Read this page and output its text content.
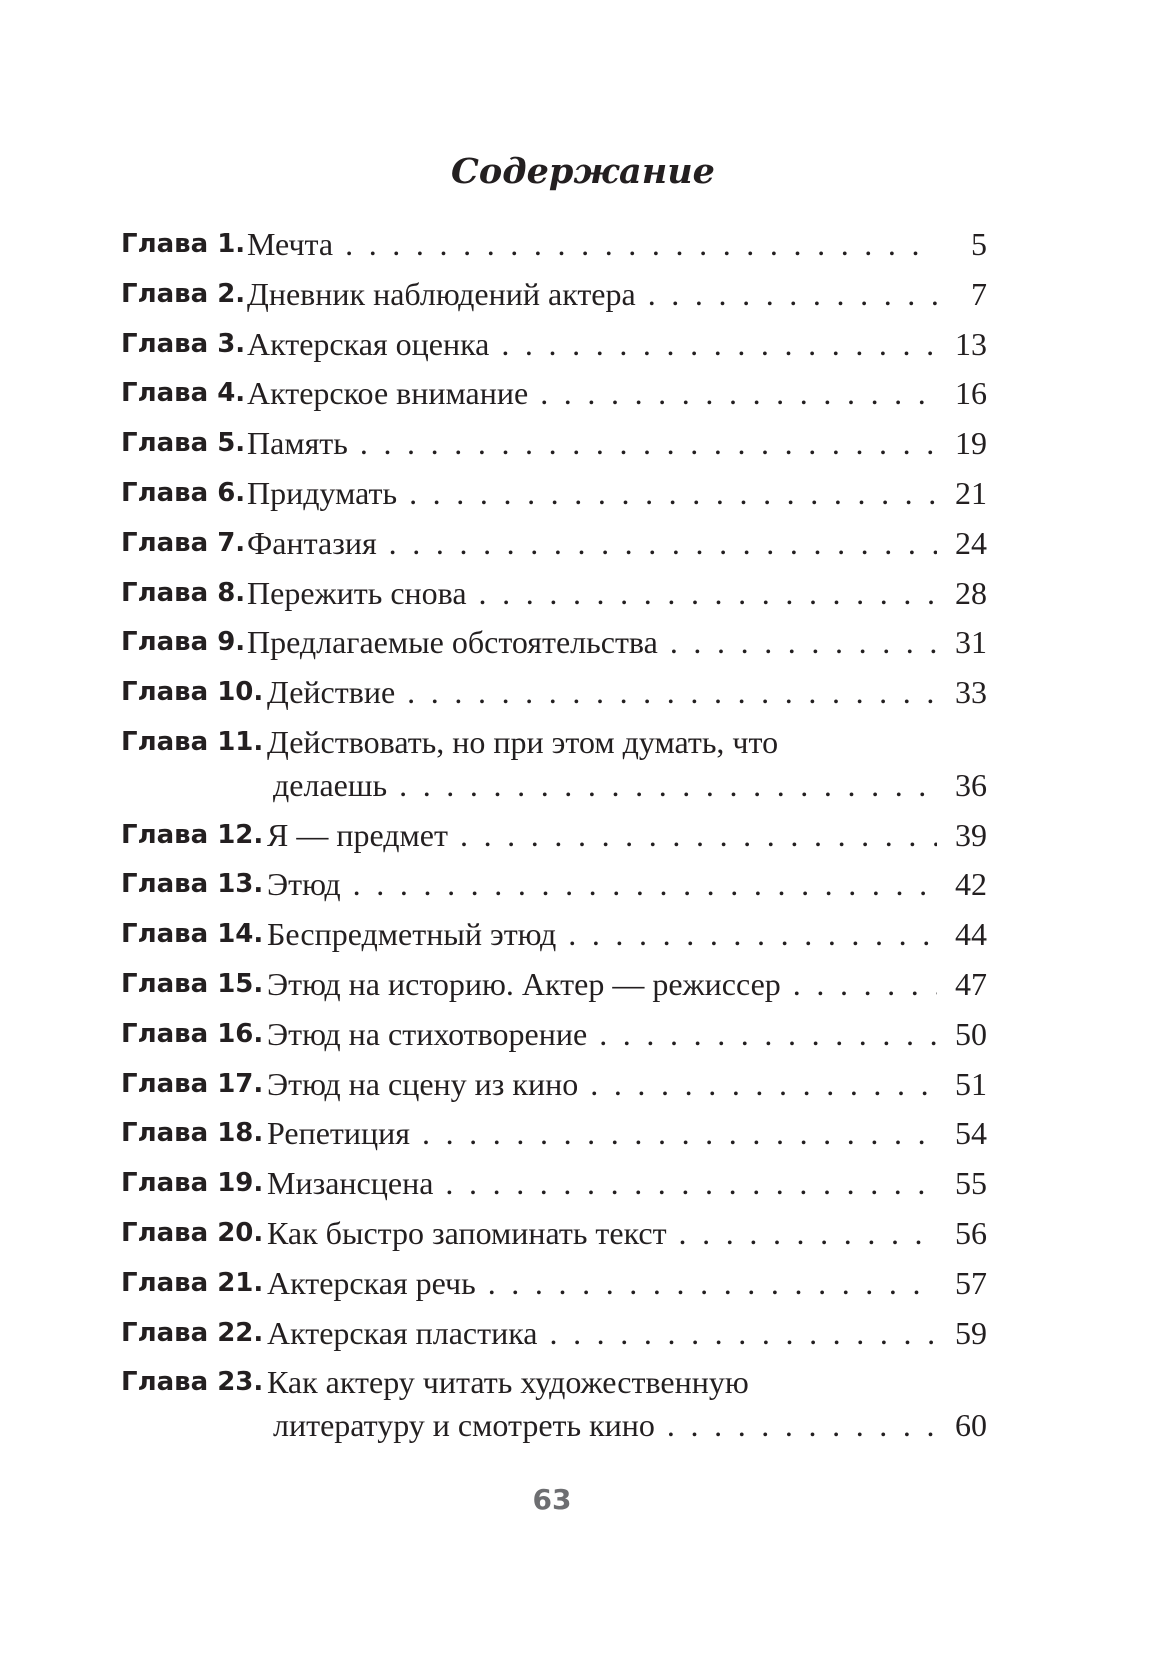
Содержание
Глава 1. Мечта . . .	5
Глава 2. Дневник наблюдений актера . . .	7
Глава 3. Актерская оценка . . .	13
Глава 4. Актерское внимание . . .	16
Глава 5. Память . . .	19
Глава 6. Придумать . . .	21
Глава 7. Фантазия . . .	24
Глава 8. Пережить снова . . .	28
Глава 9. Предлагаемые обстоятельства . . .	31
Глава 10. Действие . . .	33
Глава 11. Действовать, но при этом думать, что
делаешь . . .	36
Глава 12. Я — предмет . . .	39
Глава 13. Этюд . . .	42
Глава 14. Беспредметный этюд . . .	44
Глава 15. Этюд на историю. Актер — режиссер . . .	47
Глава 16. Этюд на стихотворение . . .	50
Глава 17. Этюд на сцену из кино . . .	51
Глава 18. Репетиция . . .	54
Глава 19. Мизансцена . . .	55
Глава 20. Как быстро запоминать текст . . .	56
Глава 21. Актерская речь . . .	57
Глава 22. Актерская пластика . . .	59
Глава 23. Как актеру читать художественную
литературу и смотреть кино . . .	60
63
